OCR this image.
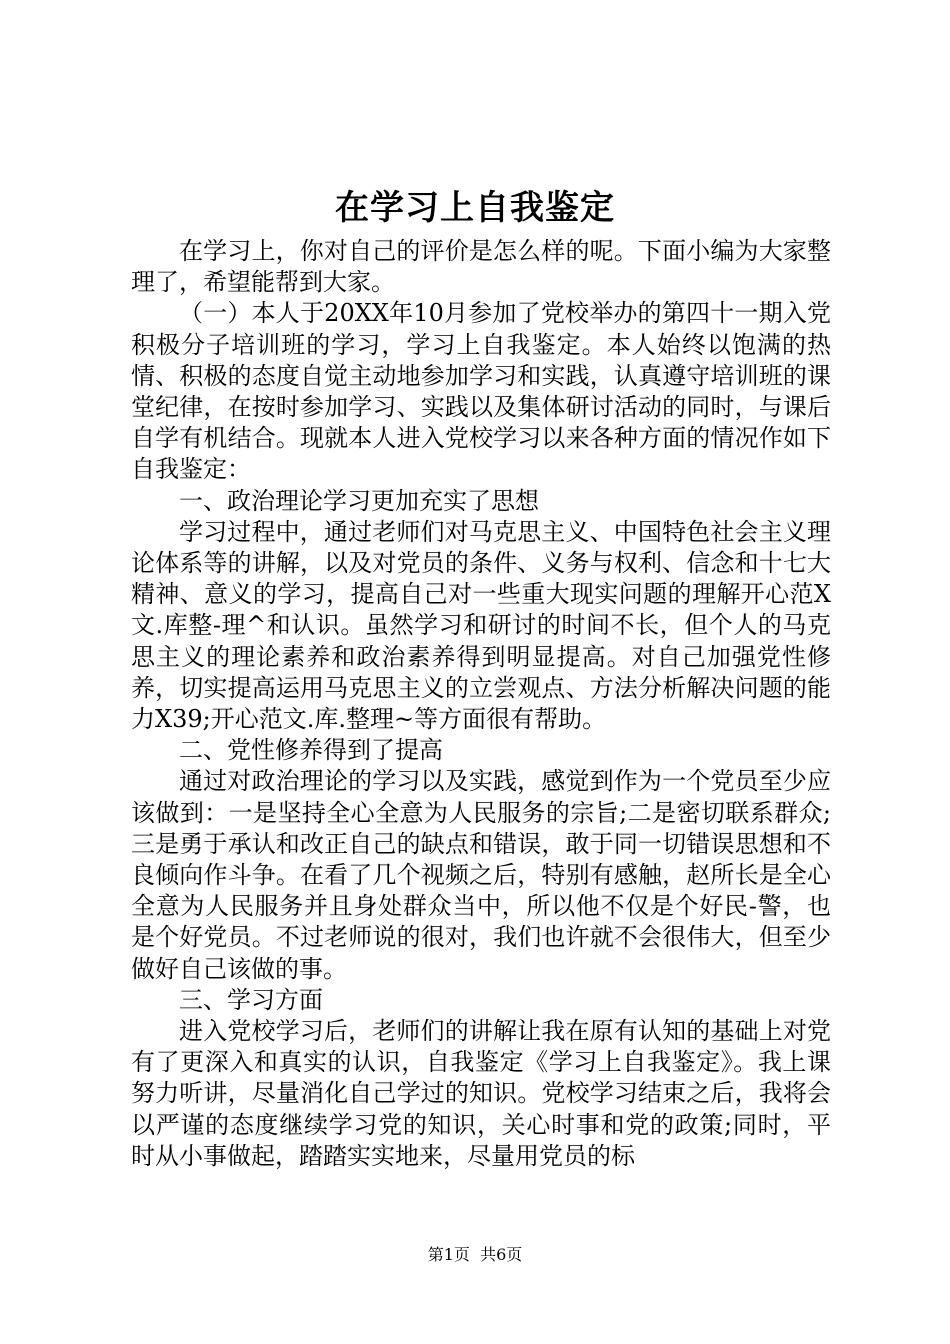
在学习上自我鉴定

在学习上，你对自己的评价是怎么样的呢。下面小编为大家整理了，希望能帮到大家。

（一）本人于20XX年10月参加了党校举办的第四十一期入党积极分子培训班的学习，学习上自我鉴定。本人始终以饱满的热情、积极的态度自觉主动地参加学习和实践，认真遵守培训班的课堂纪律，在按时参加学习、实践以及集体研讨活动的同时，与课后自学有机结合。现就本人进入党校学习以来各种方面的情况作如下自我鉴定：

一、政治理论学习更加充实了思想

学习过程中，通过老师们对马克思主义、中国特色社会主义理论体系等的讲解，以及对党员的条件、义务与权利、信念和十七大精神、意义的学习，提高自己对一些重大现实问题的理解开心范X文.库整-理^和认识。虽然学习和研讨的时间不长，但个人的马克思主义的理论素养和政治素养得到明显提高。对自己加强党性修养，切实提高运用马克思主义的立尝观点、方法分析解决问题的能力X39;开心范文.库.整理~等方面很有帮助。

二、党性修养得到了提高

通过对政治理论的学习以及实践，感觉到作为一个党员至少应该做到：一是坚持全心全意为人民服务的宗旨;二是密切联系群众;三是勇于承认和改正自己的缺点和错误，敢于同一切错误思想和不良倾向作斗争。在看了几个视频之后，特别有感触，赵所长是全心全意为人民服务并且身处群众当中，所以他不仅是个好民-警，也是个好党员。不过老师说的很对，我们也许就不会很伟大，但至少做好自己该做的事。

三、学习方面

进入党校学习后，老师们的讲解让我在原有认知的基础上对党有了更深入和真实的认识，自我鉴定《学习上自我鉴定》。我上课努力听讲，尽量消化自己学过的知识。党校学习结束之后，我将会以严谨的态度继续学习党的知识，关心时事和党的政策;同时，平时从小事做起，踏踏实实地来，尽量用党员的标

第1页  共6页
